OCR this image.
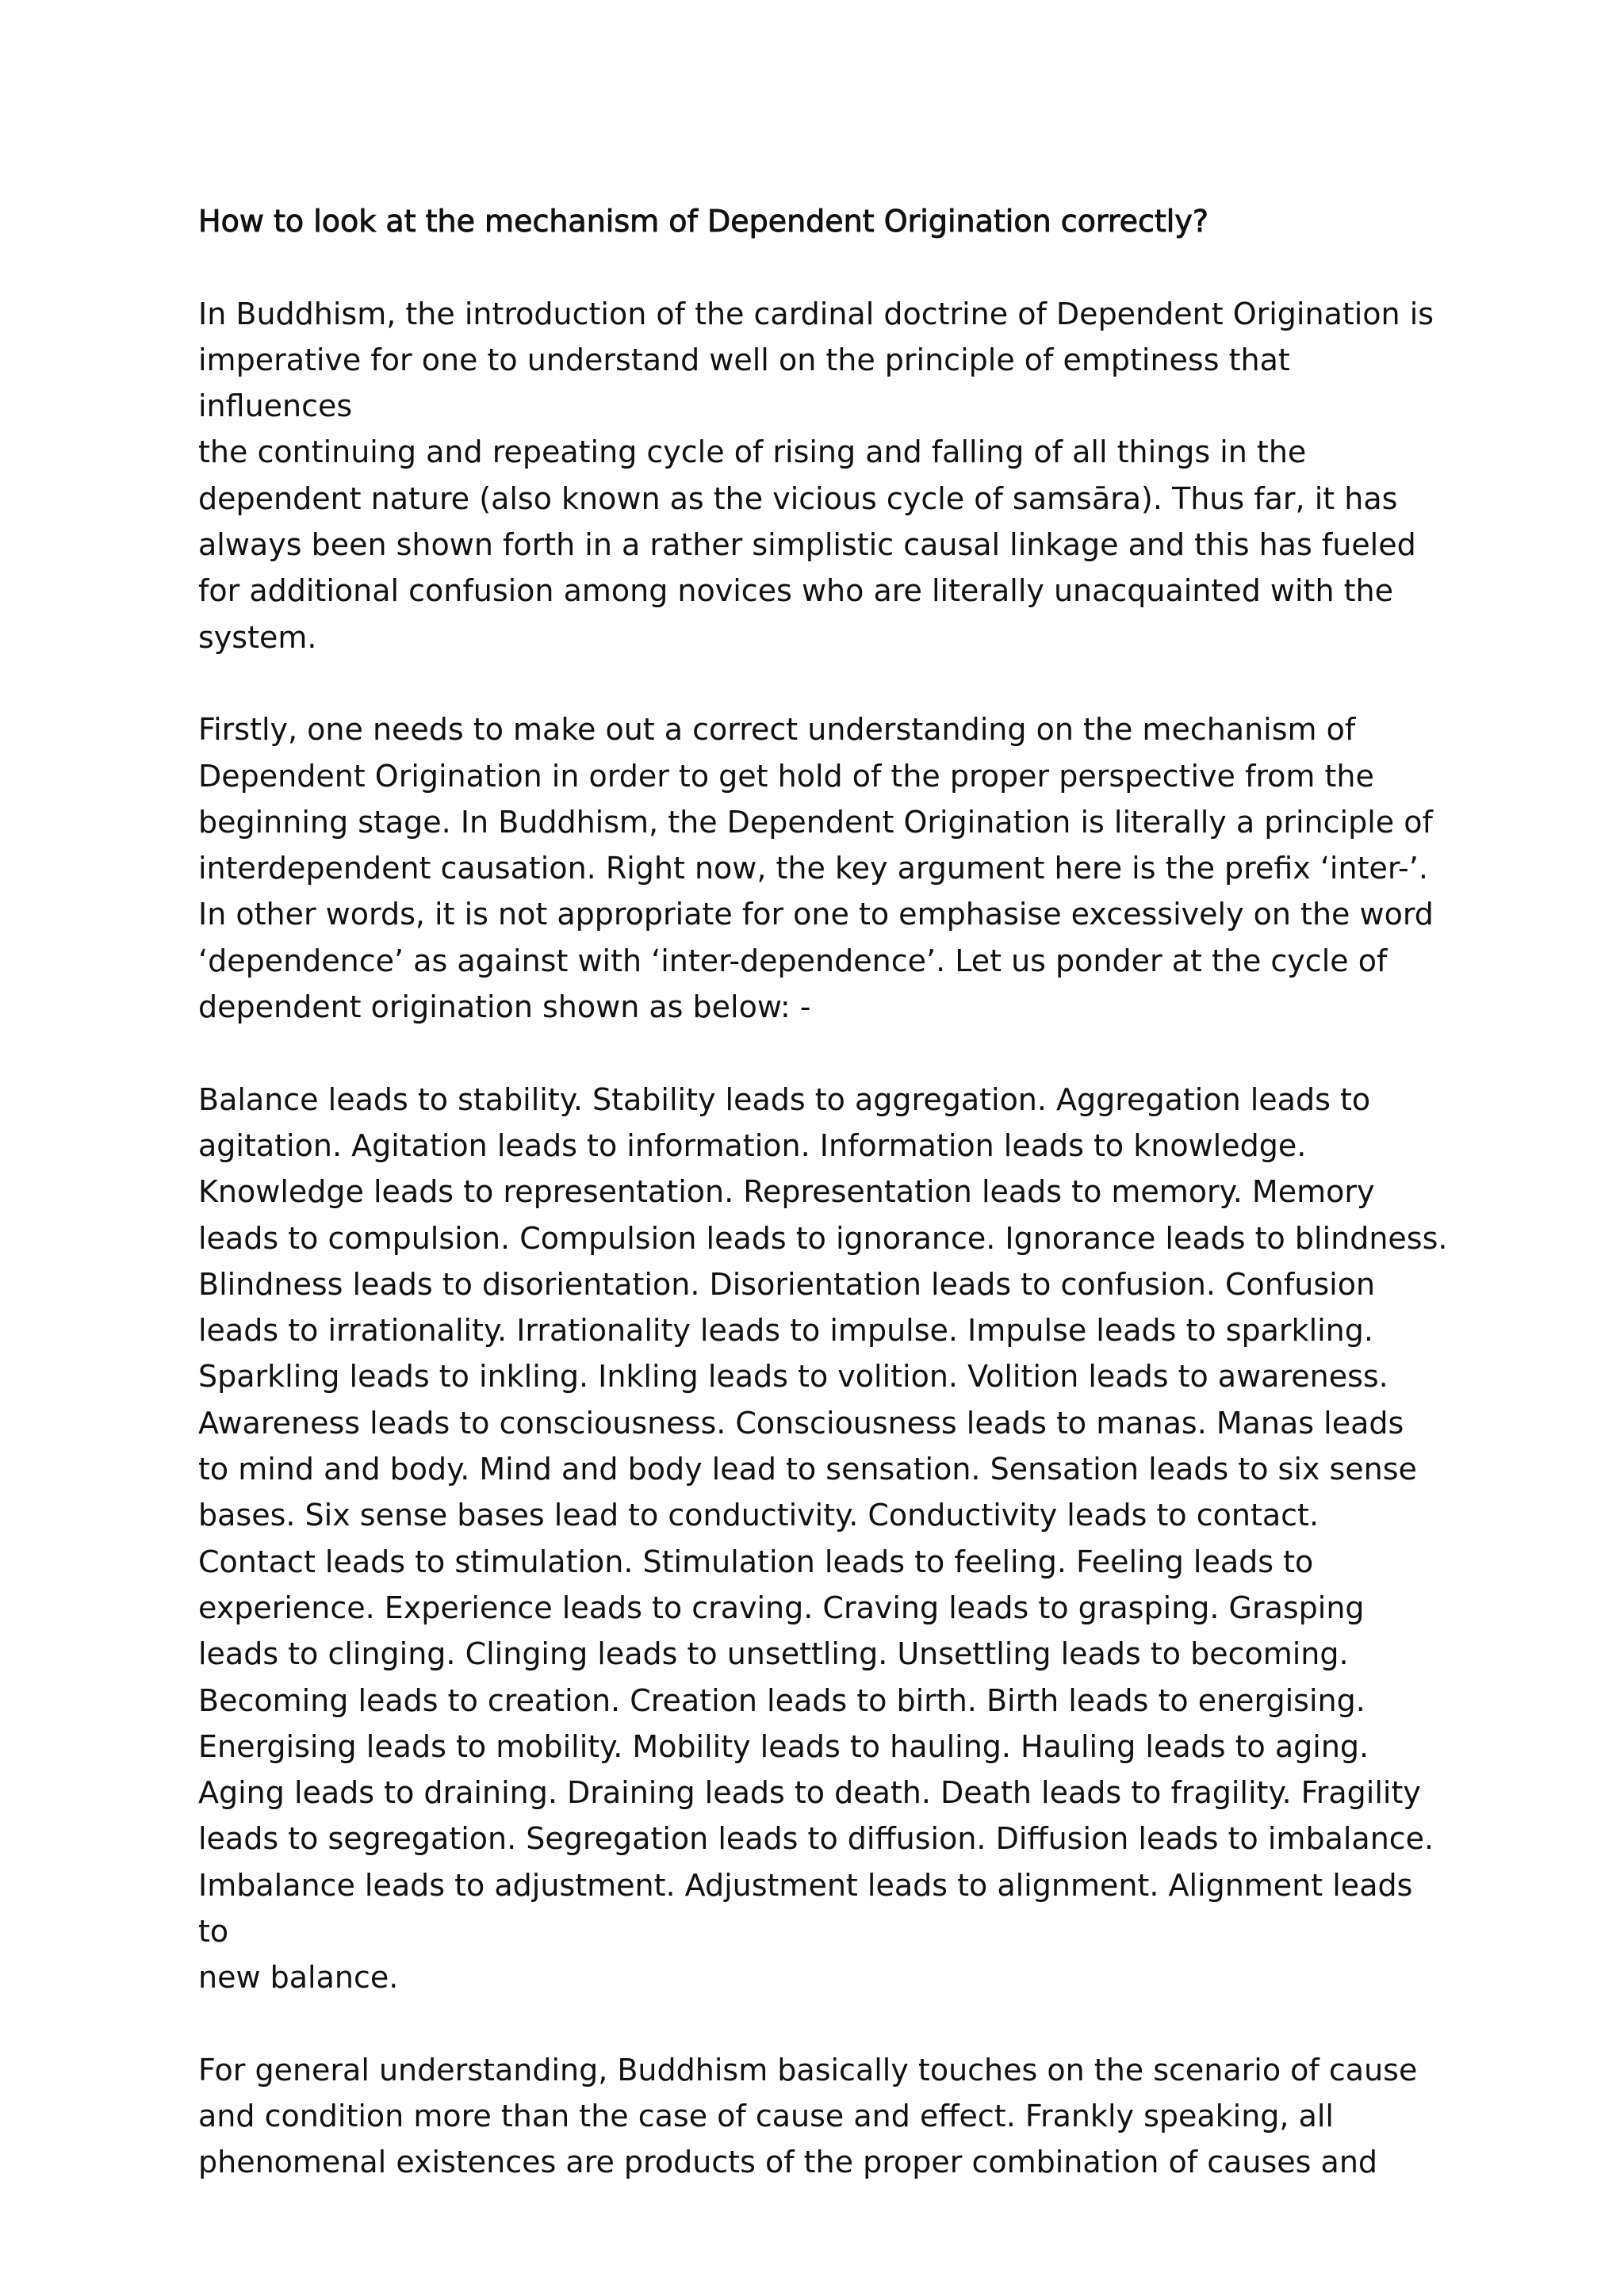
How to look at the mechanism of Dependent Origination correctly?

In Buddhism, the introduction of the cardinal doctrine of Dependent Origination is
imperative for one to understand well on the principle of emptiness that influences
the continuing and repeating cycle of rising and falling of all things in the
dependent nature (also known as the vicious cycle of samsāra). Thus far, it has
always been shown forth in a rather simplistic causal linkage and this has fueled
for additional confusion among novices who are literally unacquainted with the
system.

Firstly, one needs to make out a correct understanding on the mechanism of
Dependent Origination in order to get hold of the proper perspective from the
beginning stage. In Buddhism, the Dependent Origination is literally a principle of
interdependent causation. Right now, the key argument here is the prefix ‘inter-’.
In other words, it is not appropriate for one to emphasise excessively on the word
‘dependence’ as against with ‘inter-dependence’. Let us ponder at the cycle of
dependent origination shown as below: -

Balance leads to stability. Stability leads to aggregation. Aggregation leads to
agitation. Agitation leads to information. Information leads to knowledge.
Knowledge leads to representation. Representation leads to memory. Memory
leads to compulsion. Compulsion leads to ignorance. Ignorance leads to blindness.
Blindness leads to disorientation. Disorientation leads to confusion. Confusion
leads to irrationality. Irrationality leads to impulse. Impulse leads to sparkling.
Sparkling leads to inkling. Inkling leads to volition. Volition leads to awareness.
Awareness leads to consciousness. Consciousness leads to manas. Manas leads
to mind and body. Mind and body lead to sensation. Sensation leads to six sense
bases. Six sense bases lead to conductivity. Conductivity leads to contact.
Contact leads to stimulation. Stimulation leads to feeling. Feeling leads to
experience. Experience leads to craving. Craving leads to grasping. Grasping
leads to clinging. Clinging leads to unsettling. Unsettling leads to becoming.
Becoming leads to creation. Creation leads to birth. Birth leads to energising.
Energising leads to mobility. Mobility leads to hauling. Hauling leads to aging.
Aging leads to draining. Draining leads to death. Death leads to fragility. Fragility
leads to segregation. Segregation leads to diffusion. Diffusion leads to imbalance.
Imbalance leads to adjustment. Adjustment leads to alignment. Alignment leads to
new balance.

For general understanding, Buddhism basically touches on the scenario of cause
and condition more than the case of cause and effect. Frankly speaking, all
phenomenal existences are products of the proper combination of causes and
